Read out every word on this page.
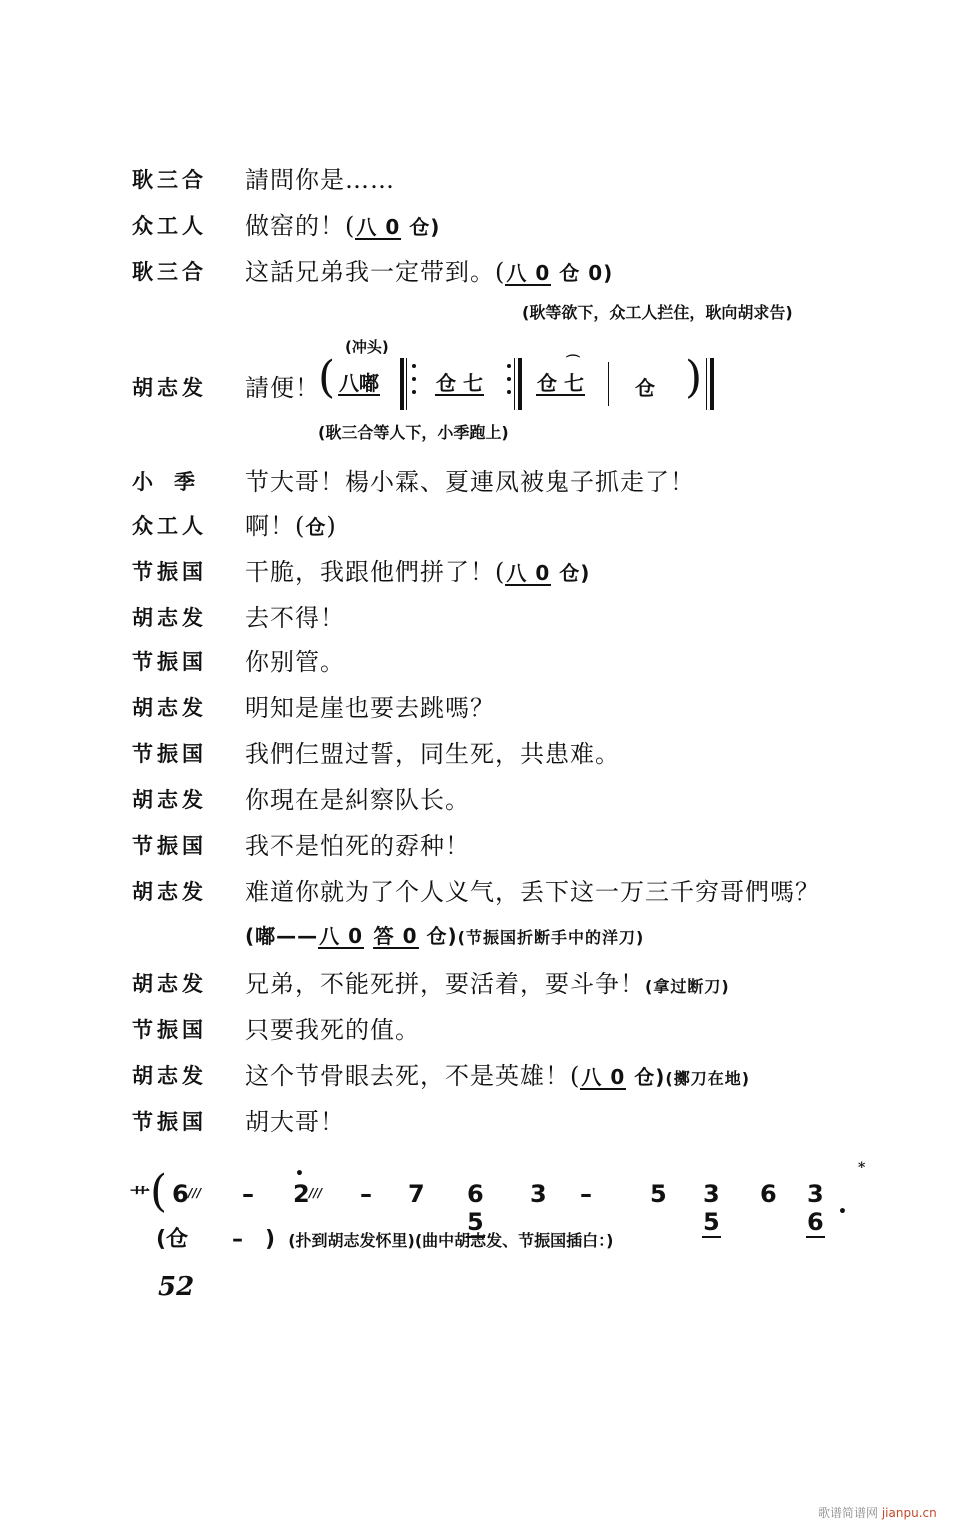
耿三合 請問你是……
众工人 做窑的！(八 0 仓)
耿三合 这話兄弟我一定带到。(八 0 仓 0)
(耿等欲下，众工人拦住，耿向胡求告)
(冲头)
胡志发 請便！
( 八嘟	仓 七	仓 七
⌒
仓 )
(耿三合等人下，小季跑上)
小　季 节大哥！楊小霖、夏連凤被鬼子抓走了！
众工人 啊！(仓)
节振国 干脆，我跟他們拼了！(八 0 仓)
胡志发 去不得！
节振国 你别管。
胡志发 明知是崖也要去跳嗎？
节振国 我們仨盟过誓，同生死，共患难。
胡志发 你現在是糾察队长。
节振国 我不是怕死的孬种！
胡志发 难道你就为了个人义气，丢下这一万三千穷哥們嗎？
(嘟——八 0 答 0 仓)(节振国折断手中的洋刀)
胡志发 兄弟，不能死拼，要活着，要斗争！(拿过断刀)
节振国 只要我死的值。
胡志发 这个节骨眼去死，不是英雄！(八 0 仓)(擲刀在地)
节振国 胡大哥！
艹 ( 6 /// –
•
2 /// – 7 6 5
3 – 5 3 5
6 3 6 •
*
(仓　　–　) (扑到胡志发怀里)(曲中胡志发、节振国插白：)
52
歌谱简谱网 jianpu.cn
